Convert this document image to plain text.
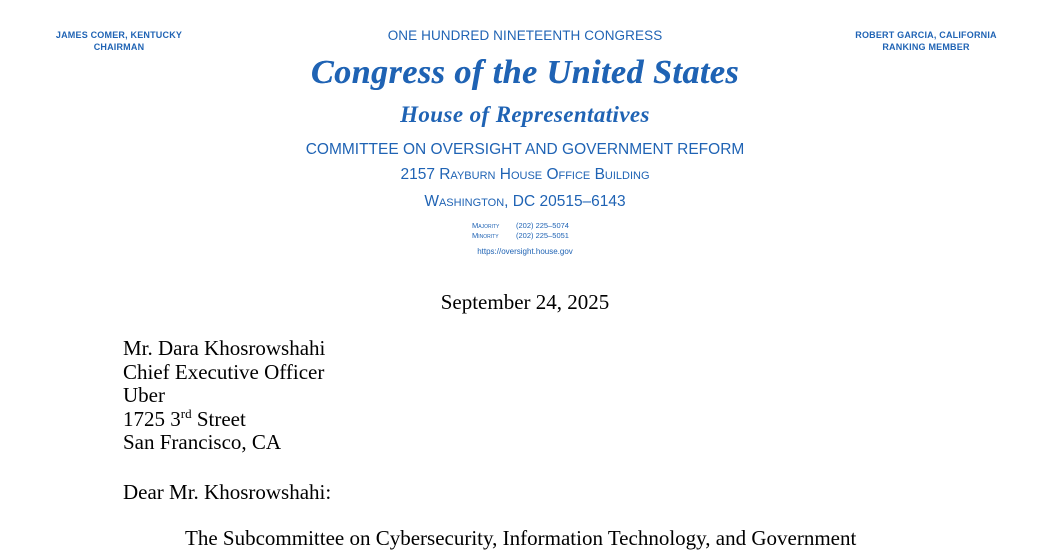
JAMES COMER, KENTUCKY
CHAIRMAN
ROBERT GARCIA, CALIFORNIA
RANKING MEMBER
ONE HUNDRED NINETEENTH CONGRESS
Congress of the United States
House of Representatives
COMMITTEE ON OVERSIGHT AND GOVERNMENT REFORM
2157 Rayburn House Office Building
Washington, DC 20515–6143
Majority (202) 225–5074
Minority (202) 225–5051
https://oversight.house.gov
September 24, 2025
Mr. Dara Khosrowshahi
Chief Executive Officer
Uber
1725 3rd Street
San Francisco, CA
Dear Mr. Khosrowshahi:
The Subcommittee on Cybersecurity, Information Technology, and Government
